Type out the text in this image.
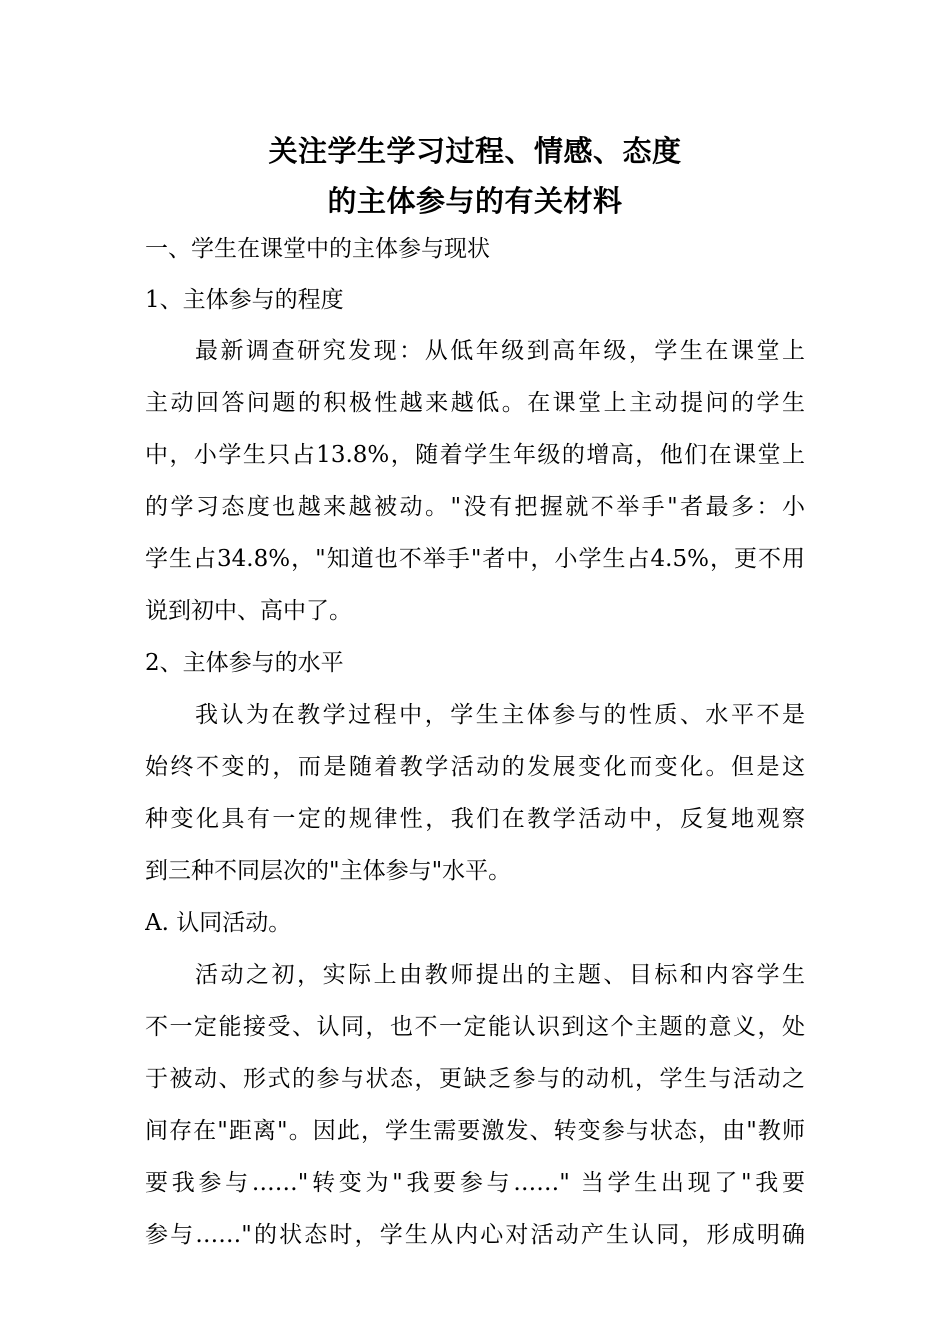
关注学生学习过程、情感、态度
的主体参与的有关材料
一、学生在课堂中的主体参与现状
1、主体参与的程度
最新调查研究发现：从低年级到高年级，学生在课堂上
主动回答问题的积极性越来越低。在课堂上主动提问的学生
中，小学生只占13.8%，随着学生年级的增高，他们在课堂上
的学习态度也越来越被动。"没有把握就不举手"者最多：小
学生占34.8%，"知道也不举手"者中，小学生占4.5%，更不用
说到初中、高中了。
2、主体参与的水平
我认为在教学过程中，学生主体参与的性质、水平不是
始终不变的，而是随着教学活动的发展变化而变化。但是这
种变化具有一定的规律性，我们在教学活动中，反复地观察
到三种不同层次的"主体参与"水平。
A. 认同活动。
活动之初，实际上由教师提出的主题、目标和内容学生
不一定能接受、认同，也不一定能认识到这个主题的意义，处
于被动、形式的参与状态，更缺乏参与的动机，学生与活动之
间存在"距离"。因此，学生需要激发、转变参与状态，由"教师
要我参与……"转变为"我要参与……" 当学生出现了"我要
参与……"的状态时，学生从内心对活动产生认同，形成明确
